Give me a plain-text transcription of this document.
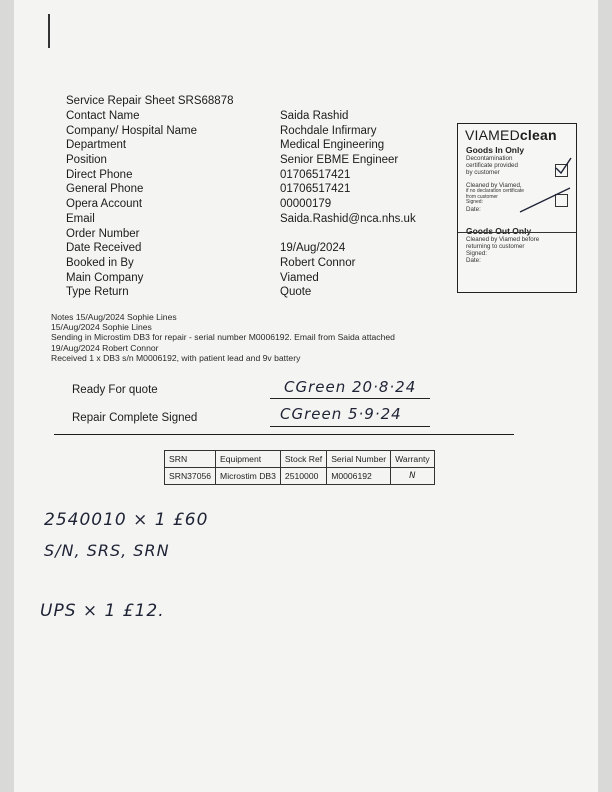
Service Repair Sheet SRS68878
Contact Name	Saida Rashid
Company/ Hospital Name	Rochdale Infirmary
Department	Medical Engineering
Position	Senior EBME Engineer
Direct Phone	01706517421
General Phone	01706517421
Opera Account	00000179
Email	Saida.Rashid@nca.nhs.uk
Order Number
Date Received	19/Aug/2024
Booked in By	Robert Connor
Main Company	Viamed
Type Return	Quote
VIAMEDclean
Goods In Only
Decontamination
certificate provided
by customer
Cleaned by Viamed,
if no declaration certificate
from customer
Signed:
Date:
Goods Out Only
Cleaned by Viamed before
returning to customer
Signed:
Date:
Notes 15/Aug/2024 Sophie Lines
15/Aug/2024 Sophie Lines
Sending in Microstim DB3 for repair - serial number M0006192. Email from Saida attached
19/Aug/2024 Robert Connor
Received 1 x DB3 s/n M0006192, with patient lead and 9v battery
Ready For quote	CGreen 20·8·24
Repair Complete Signed	CGreen 5·9·24
SRN	Equipment	Stock Ref	Serial Number	Warranty
SRN37056	Microstim DB3	2510000	M0006192	N
2540010 × 1 £60
S/N, SRS, SRN
UPS × 1 £12.
